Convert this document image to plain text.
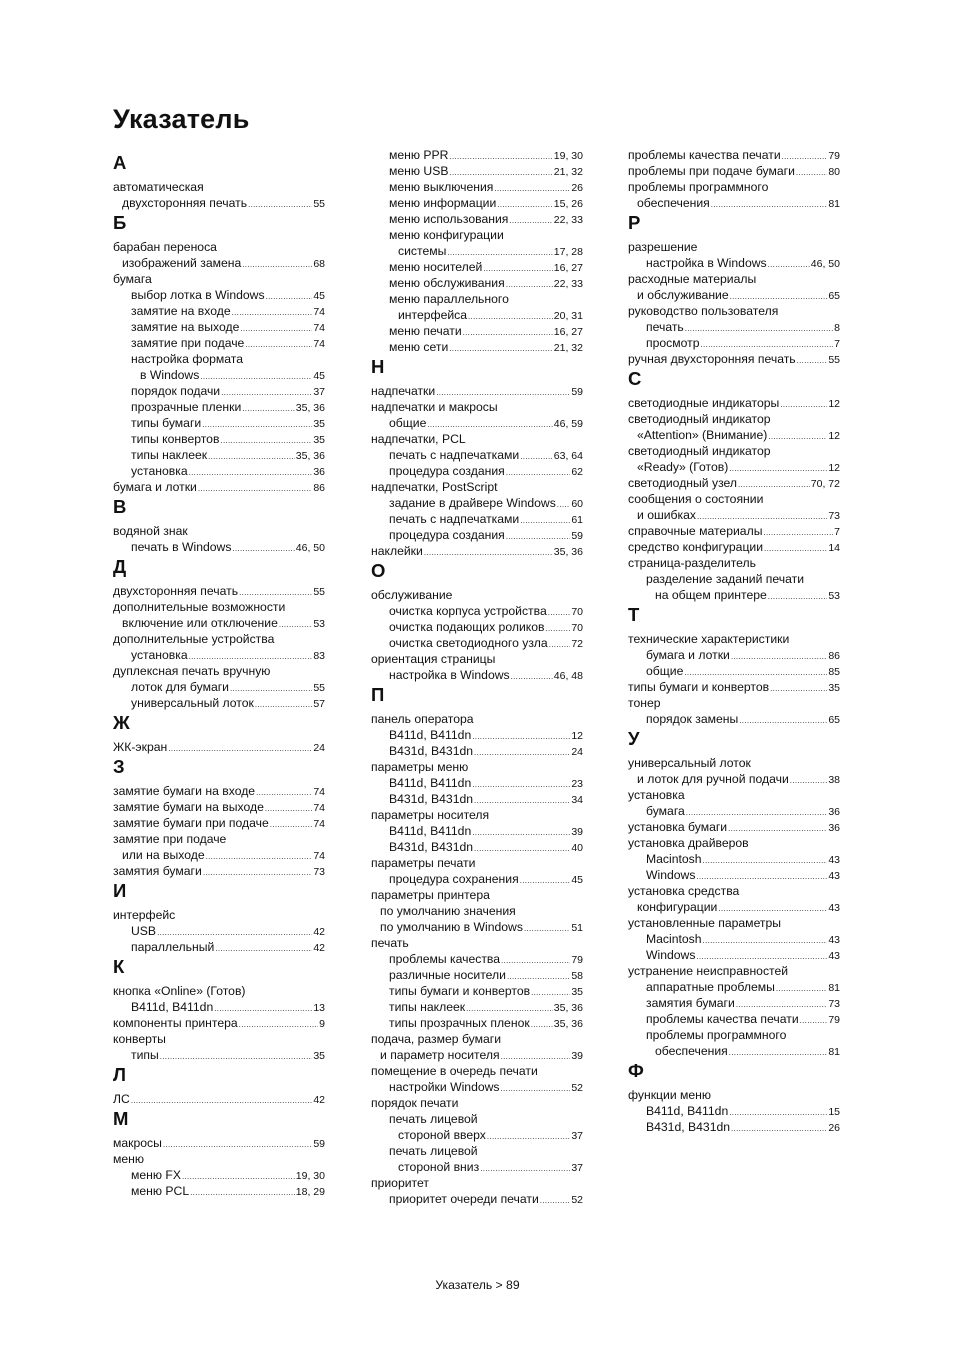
Указатель
А
автоматическая
двухсторонняя печать .....	55
Б
барабан переноса
изображений замена .....	68
бумага
выбор лотка в Windows .....	45
замятие на входе .....	74
замятие на выходе .....	74
замятие при подаче .....	74
настройка формата
в Windows .....	45
порядок подачи .....	37
прозрачные пленки .....	35, 36
типы бумаги .....	35
типы конвертов .....	35
типы наклеек .....	35, 36
установка .....	36
бумага и лотки .....	86
В
водяной знак
печать в Windows .....	46, 50
Д
двухсторонняя печать .....	55
дополнительные возможности
включение или отключение .....	53
дополнительные устройства
установка .....	83
дуплексная печать вручную
лоток для бумаги .....	55
универсальный лоток .....	57
Ж
ЖК-экран .....	24
З
замятие бумаги на входе .....	74
замятие бумаги на выходе .....	74
замятие бумаги при подаче .....	74
замятие при подаче
или на выходе .....	74
замятия бумаги .....	73
И
интерфейс
USB .....	42
параллельный .....	42
К
кнопка «Online» (Готов)
B411d, B411dn .....	13
компоненты принтера .....	9
конверты
типы .....	35
Л
ЛС .....	42
М
макросы .....	59
меню
меню FX .....	19, 30
меню PCL .....	18, 29
меню PPR .....	19, 30
меню USB .....	21, 32
меню выключения .....	26
меню информации .....	15, 26
меню использования .....	22, 33
меню конфигурации
системы .....	17, 28
меню носителей .....	16, 27
меню обслуживания .....	22, 33
меню параллельного
интерфейса .....	20, 31
меню печати .....	16, 27
меню сети .....	21, 32
Н
надпечатки .....	59
надпечатки и макросы
общие .....	46, 59
надпечатки, PCL
печать с надпечатками .....	63, 64
процедура создания .....	62
надпечатки, PostScript
задание в драйвере Windows ..... 60
печать с надпечатками .....	61
процедура создания .....	59
наклейки .....	35, 36
О
обслуживание
очистка корпуса устройства ..... 70
очистка подающих роликов .....	70
очистка светодиодного узла ..... 72
ориентация страницы
настройка в Windows .....	46, 48
П
панель оператора
B411d, B411dn .....	12
B431d, B431dn .....	24
параметры меню
B411d, B411dn .....	23
B431d, B431dn .....	34
параметры носителя
B411d, B411dn .....	39
B431d, B431dn .....	40
параметры печати
процедура сохранения .....	45
параметры принтера
по умолчанию значения
по умолчанию в Windows .....	51
печать
проблемы качества .....	79
различные носители .....	58
типы бумаги и конвертов .....	35
типы наклеек .....	35, 36
типы прозрачных пленок ..... 35, 36
подача, размер бумаги
и параметр носителя .....	39
помещение в очередь печати
настройки Windows .....	52
порядок печати
печать лицевой
стороной вверх .....	37
печать лицевой
стороной вниз .....	37
приоритет
приоритет очереди печати .....	52
проблемы качества печати .....	79
проблемы при подаче бумаги .....	80
проблемы программного
обеспечения .....	81
Р
разрешение
настройка в Windows .....	46, 50
расходные материалы
и обслуживание .....	65
руководство пользователя
печать .....	8
просмотр .....	7
ручная двухсторонняя печать .....	55
С
светодиодные индикаторы .....	12
светодиодный индикатор
«Attention» (Внимание) .....	12
светодиодный индикатор
«Ready» (Готов) .....	12
светодиодный узел .....	70, 72
сообщения о состоянии
и ошибках .....	73
справочные материалы .....	7
средство конфигурации .....	14
страница-разделитель
разделение заданий печати
на общем принтере .....	53
Т
технические характеристики
бумага и лотки .....	86
общие .....	85
типы бумаги и конвертов .....	35
тонер
порядок замены .....	65
У
универсальный лоток
и лоток для ручной подачи .....	38
установка
бумага .....	36
установка бумаги .....	36
установка драйверов
Macintosh .....	43
Windows .....	43
установка средства
конфигурации .....	43
установленные параметры
Macintosh .....	43
Windows .....	43
устранение неисправностей
аппаратные проблемы .....	81
замятия бумаги .....	73
проблемы качества печати .....	79
проблемы программного
обеспечения .....	81
Ф
функции меню
B411d, B411dn .....	15
B431d, B431dn .....	26
Указатель > 89
